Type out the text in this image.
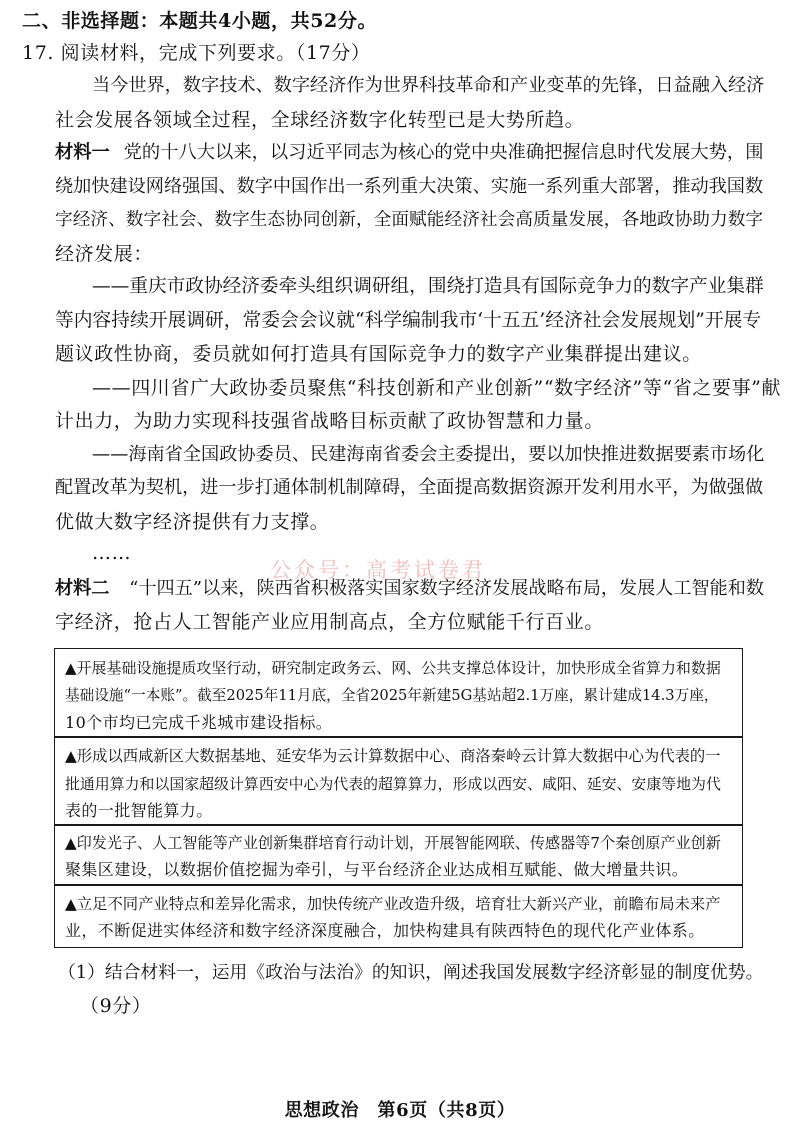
二、非选择题：本题共4小题，共52分。
17. 阅读材料，完成下列要求。（17分）
当今世界，数字技术、数字经济作为世界科技革命和产业变革的先锋，日益融入经济
社会发展各领域全过程，全球经济数字化转型已是大势所趋。
材料一 党的十八大以来，以习近平同志为核心的党中央准确把握信息时代发展大势，围
绕加快建设网络强国、数字中国作出一系列重大决策、实施一系列重大部署，推动我国数
字经济、数字社会、数字生态协同创新，全面赋能经济社会高质量发展，各地政协助力数字
经济发展：
——重庆市政协经济委牵头组织调研组，围绕打造具有国际竞争力的数字产业集群
等内容持续开展调研，常委会会议就“科学编制我市‘十五五’经济社会发展规划”开展专
题议政性协商，委员就如何打造具有国际竞争力的数字产业集群提出建议。
——四川省广大政协委员聚焦“科技创新和产业创新”“数字经济”等“省之要事”献
计出力，为助力实现科技强省战略目标贡献了政协智慧和力量。
——海南省全国政协委员、民建海南省委会主委提出，要以加快推进数据要素市场化
配置改革为契机，进一步打通体制机制障碍，全面提高数据资源开发利用水平，为做强做
优做大数字经济提供有力支撑。
……
材料二 “十四五”以来，陕西省积极落实国家数字经济发展战略布局，发展人工智能和数
字经济，抢占人工智能产业应用制高点，全方位赋能千行百业。
公众号：高考试卷君
▲开展基础设施提质攻坚行动，研究制定政务云、网、公共支撑总体设计，加快形成全省算力和数据
基础设施“一本账”。截至2025年11月底，全省2025年新建5G基站超2.1万座，累计建成14.3万座，
10个市均已完成千兆城市建设指标。
▲形成以西咸新区大数据基地、延安华为云计算数据中心、商洛秦岭云计算大数据中心为代表的一
批通用算力和以国家超级计算西安中心为代表的超算算力，形成以西安、咸阳、延安、安康等地为代
表的一批智能算力。
▲印发光子、人工智能等产业创新集群培育行动计划，开展智能网联、传感器等7个秦创原产业创新
聚集区建设，以数据价值挖掘为牵引，与平台经济企业达成相互赋能、做大增量共识。
▲立足不同产业特点和差异化需求，加快传统产业改造升级，培育壮大新兴产业，前瞻布局未来产
业，不断促进实体经济和数字经济深度融合，加快构建具有陕西特色的现代化产业体系。
（1）结合材料一，运用《政治与法治》的知识，阐述我国发展数字经济彰显的制度优势。
（9分）
思想政治　第6页（共8页）
